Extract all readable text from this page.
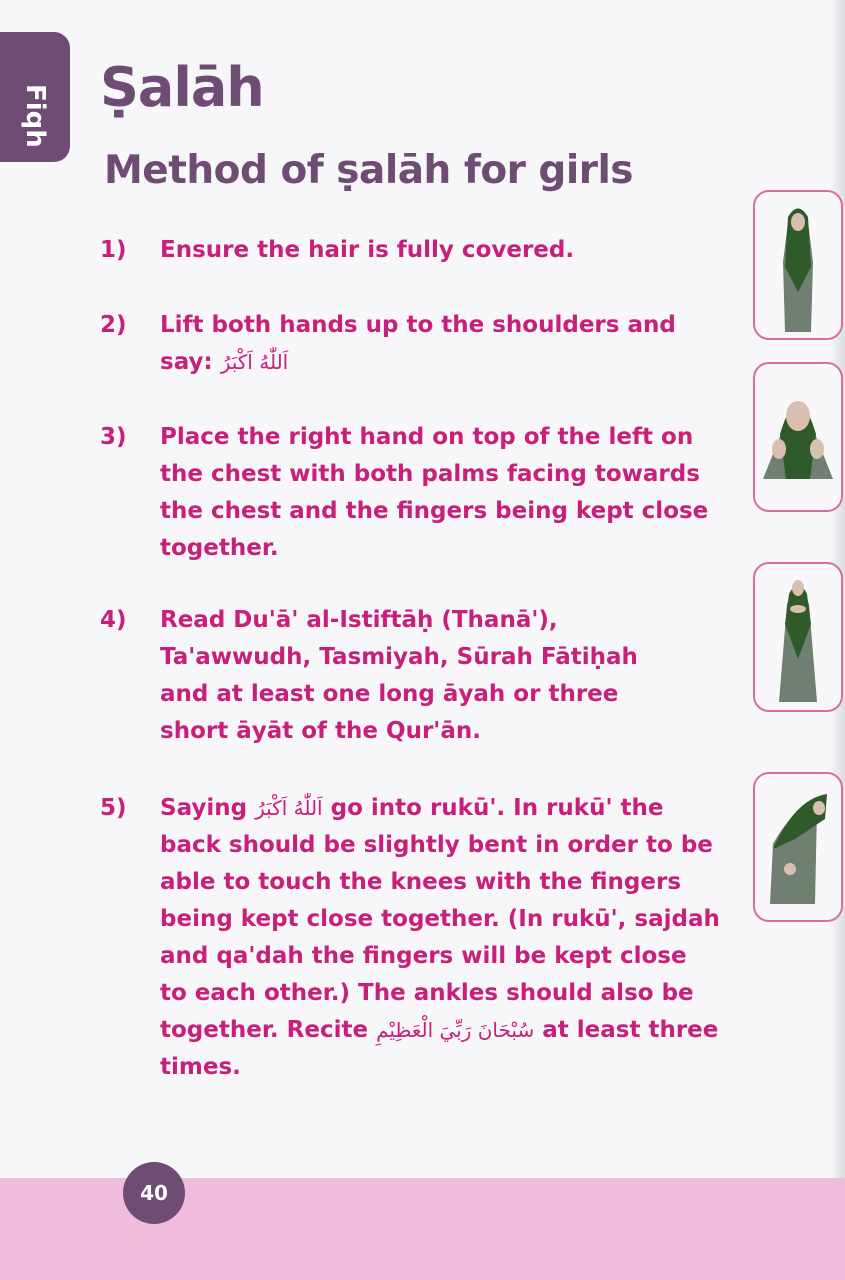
Fiqh Ṣalāh
Method of ṣalāh for girls
1) Ensure the hair is fully covered.
2) Lift both hands up to the shoulders and say: اَللّٰهُ اَكْبَرُ
3) Place the right hand on top of the left on the chest with both palms facing towards the chest and the fingers being kept close together.
4) Read Du'ā' al-Istiftāḥ (Thanā'), Ta'awwudh, Tasmiyah, Sūrah Fātiḥah and at least one long āyah or three short āyāt of the Qur'ān.
5) Saying اَللّٰهُ اَكْبَرُ go into rukū'. In rukū' the back should be slightly bent in order to be able to touch the knees with the fingers being kept close together. (In rukū', sajdah and qa'dah the fingers will be kept close to each other.) The ankles should also be together. Recite سُبْحَانَ رَبِّيَ الْعَظِيْمِ at least three times.
40
